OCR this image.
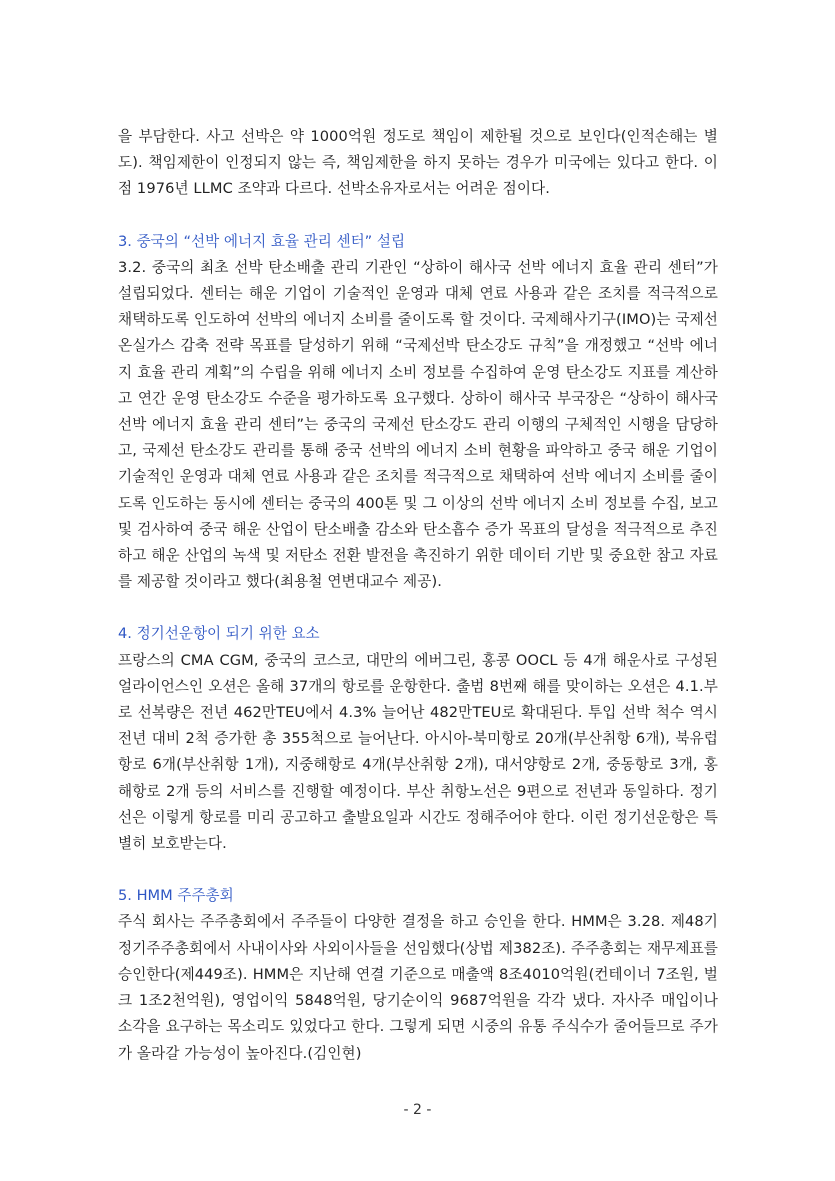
을 부담한다. 사고 선박은 약 1000억원 정도로 책임이 제한될 것으로 보인다(인적손해는 별도). 책임제한이 인정되지 않는 즉, 책임제한을 하지 못하는 경우가 미국에는 있다고 한다. 이 점 1976년 LLMC 조약과 다르다. 선박소유자로서는 어려운 점이다.

3. 중국의 “선박 에너지 효율 관리 센터” 설립

3.2. 중국의 최초 선박 탄소배출 관리 기관인 “상하이 해사국 선박 에너지 효율 관리 센터”가 설립되었다. 센터는 해운 기업이 기술적인 운영과 대체 연료 사용과 같은 조치를 적극적으로 채택하도록 인도하여 선박의 에너지 소비를 줄이도록 할 것이다. 국제해사기구(IMO)는 국제선 온실가스 감축 전략 목표를 달성하기 위해 “국제선박 탄소강도 규칙”을 개정했고 “선박 에너지 효율 관리 계획”의 수립을 위해 에너지 소비 정보를 수집하여 운영 탄소강도 지표를 계산하고 연간 운영 탄소강도 수준을 평가하도록 요구했다. 상하이 해사국 부국장은 “상하이 해사국 선박 에너지 효율 관리 센터”는 중국의 국제선 탄소강도 관리 이행의 구체적인 시행을 담당하고, 국제선 탄소강도 관리를 통해 중국 선박의 에너지 소비 현황을 파악하고 중국 해운 기업이 기술적인 운영과 대체 연료 사용과 같은 조치를 적극적으로 채택하여 선박 에너지 소비를 줄이도록 인도하는 동시에 센터는 중국의 400톤 및 그 이상의 선박 에너지 소비 정보를 수집, 보고 및 검사하여 중국 해운 산업이 탄소배출 감소와 탄소흡수 증가 목표의 달성을 적극적으로 추진하고 해운 산업의 녹색 및 저탄소 전환 발전을 촉진하기 위한 데이터 기반 및 중요한 참고 자료를 제공할 것이라고 했다(최용철 연변대교수 제공).

4. 정기선운항이 되기 위한 요소

프랑스의 CMA CGM, 중국의 코스코, 대만의 에버그린, 홍콩 OOCL 등 4개 해운사로 구성된 얼라이언스인 오션은 올해 37개의 항로를 운항한다. 출범 8번째 해를 맞이하는 오션은 4.1.부로 선복량은 전년 462만TEU에서 4.3% 늘어난 482만TEU로 확대된다. 투입 선박 척수 역시 전년 대비 2척 증가한 총 355척으로 늘어난다. 아시아-북미항로 20개(부산취항 6개), 북유럽항로 6개(부산취항 1개), 지중해항로 4개(부산취항 2개), 대서양항로 2개, 중동항로 3개, 홍해항로 2개 등의 서비스를 진행할 예정이다. 부산 취항노선은 9편으로 전년과 동일하다. 정기선은 이렇게 항로를 미리 공고하고 출발요일과 시간도 정해주어야 한다. 이런 정기선운항은 특별히 보호받는다.

5. HMM 주주총회

주식 회사는 주주총회에서 주주들이 다양한 결정을 하고 승인을 한다. HMM은 3.28. 제48기 정기주주총회에서 사내이사와 사외이사들을 선임했다(상법 제382조). 주주총회는 재무제표를 승인한다(제449조). HMM은 지난해 연결 기준으로 매출액 8조4010억원(컨테이너 7조원, 벌크 1조2천억원), 영업이익 5848억원, 당기순이익 9687억원을 각각 냈다. 자사주 매입이나 소각을 요구하는 목소리도 있었다고 한다. 그렇게 되면 시중의 유통 주식수가 줄어들므로 주가가 올라갈 가능성이 높아진다.(김인현)

- 2 -
